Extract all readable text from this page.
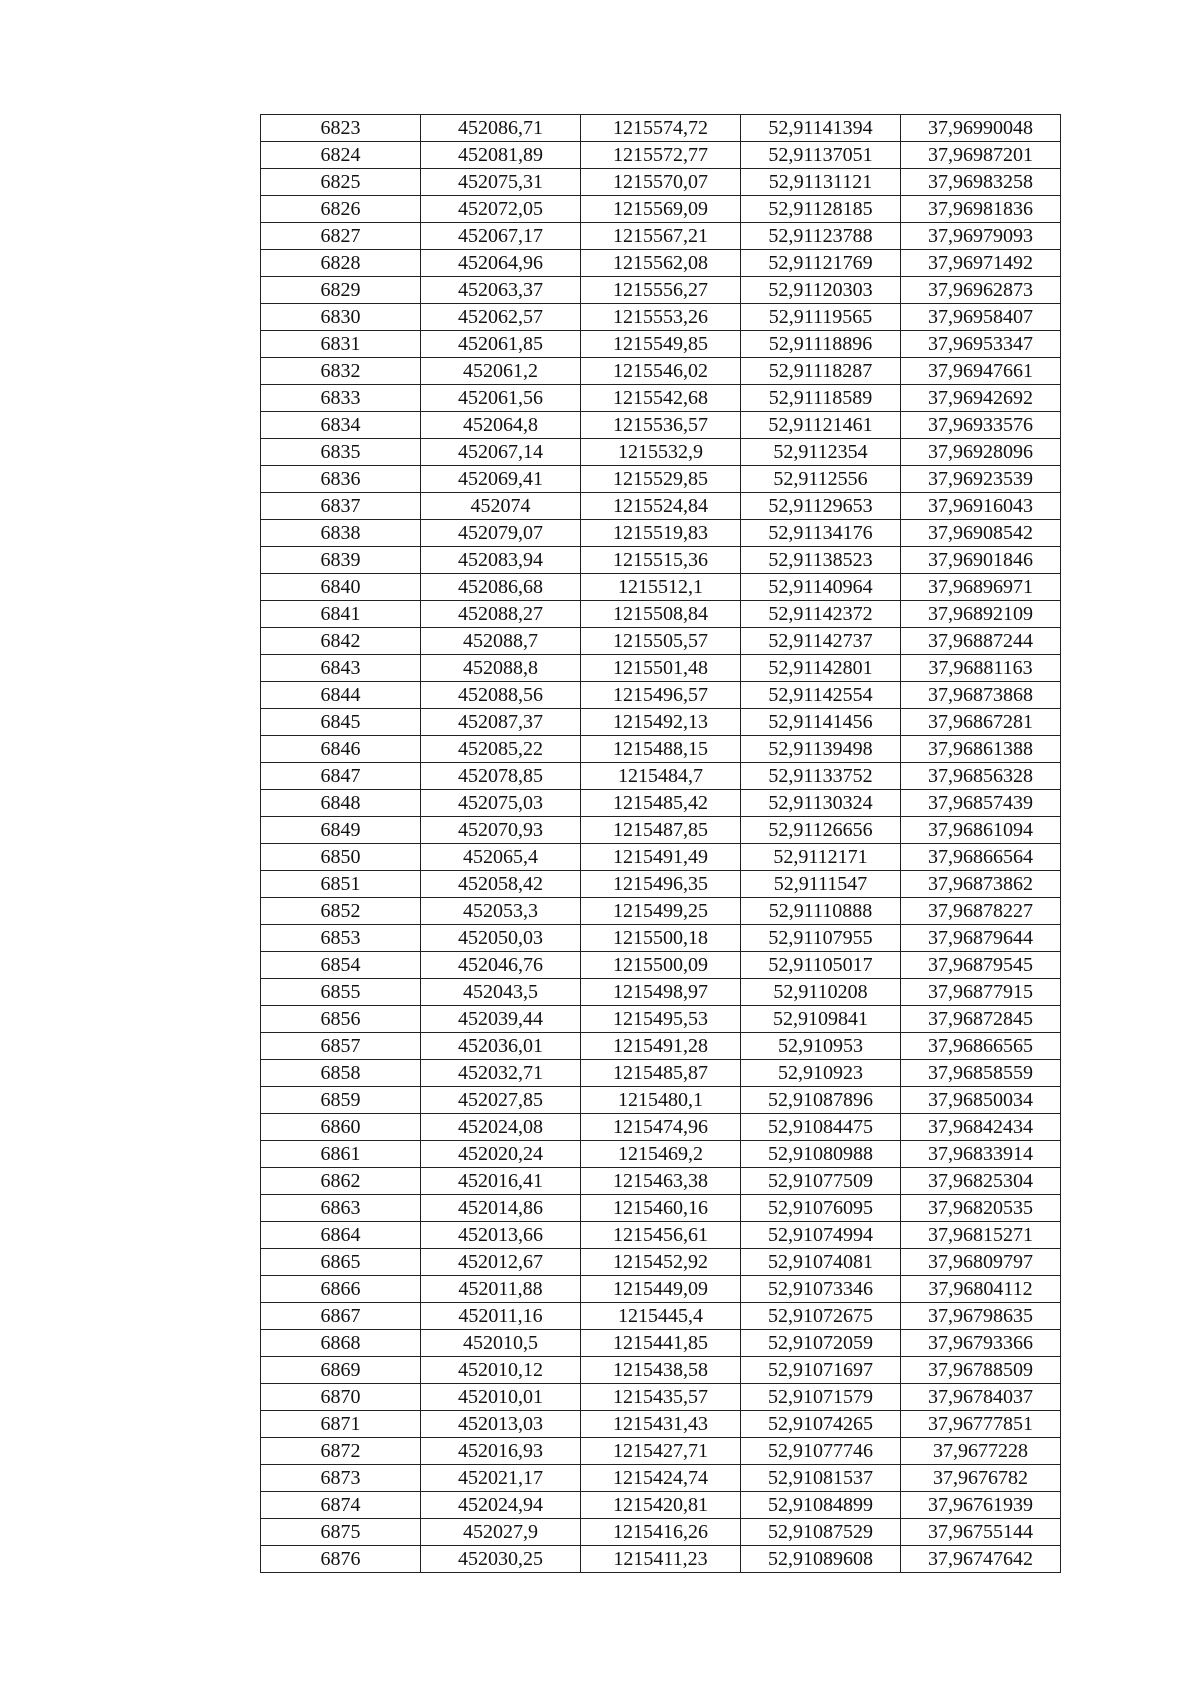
6823	452086,71	1215574,72	52,91141394	37,96990048
6824	452081,89	1215572,77	52,91137051	37,96987201
6825	452075,31	1215570,07	52,91131121	37,96983258
6826	452072,05	1215569,09	52,91128185	37,96981836
6827	452067,17	1215567,21	52,91123788	37,96979093
6828	452064,96	1215562,08	52,91121769	37,96971492
6829	452063,37	1215556,27	52,91120303	37,96962873
6830	452062,57	1215553,26	52,91119565	37,96958407
6831	452061,85	1215549,85	52,91118896	37,96953347
6832	452061,2	1215546,02	52,91118287	37,96947661
6833	452061,56	1215542,68	52,91118589	37,96942692
6834	452064,8	1215536,57	52,91121461	37,96933576
6835	452067,14	1215532,9	52,9112354	37,96928096
6836	452069,41	1215529,85	52,9112556	37,96923539
6837	452074	1215524,84	52,91129653	37,96916043
6838	452079,07	1215519,83	52,91134176	37,96908542
6839	452083,94	1215515,36	52,91138523	37,96901846
6840	452086,68	1215512,1	52,91140964	37,96896971
6841	452088,27	1215508,84	52,91142372	37,96892109
6842	452088,7	1215505,57	52,91142737	37,96887244
6843	452088,8	1215501,48	52,91142801	37,96881163
6844	452088,56	1215496,57	52,91142554	37,96873868
6845	452087,37	1215492,13	52,91141456	37,96867281
6846	452085,22	1215488,15	52,91139498	37,96861388
6847	452078,85	1215484,7	52,91133752	37,96856328
6848	452075,03	1215485,42	52,91130324	37,96857439
6849	452070,93	1215487,85	52,91126656	37,96861094
6850	452065,4	1215491,49	52,9112171	37,96866564
6851	452058,42	1215496,35	52,9111547	37,96873862
6852	452053,3	1215499,25	52,91110888	37,96878227
6853	452050,03	1215500,18	52,91107955	37,96879644
6854	452046,76	1215500,09	52,91105017	37,96879545
6855	452043,5	1215498,97	52,9110208	37,96877915
6856	452039,44	1215495,53	52,9109841	37,96872845
6857	452036,01	1215491,28	52,910953	37,96866565
6858	452032,71	1215485,87	52,910923	37,96858559
6859	452027,85	1215480,1	52,91087896	37,96850034
6860	452024,08	1215474,96	52,91084475	37,96842434
6861	452020,24	1215469,2	52,91080988	37,96833914
6862	452016,41	1215463,38	52,91077509	37,96825304
6863	452014,86	1215460,16	52,91076095	37,96820535
6864	452013,66	1215456,61	52,91074994	37,96815271
6865	452012,67	1215452,92	52,91074081	37,96809797
6866	452011,88	1215449,09	52,91073346	37,96804112
6867	452011,16	1215445,4	52,91072675	37,96798635
6868	452010,5	1215441,85	52,91072059	37,96793366
6869	452010,12	1215438,58	52,91071697	37,96788509
6870	452010,01	1215435,57	52,91071579	37,96784037
6871	452013,03	1215431,43	52,91074265	37,96777851
6872	452016,93	1215427,71	52,91077746	37,9677228
6873	452021,17	1215424,74	52,91081537	37,9676782
6874	452024,94	1215420,81	52,91084899	37,96761939
6875	452027,9	1215416,26	52,91087529	37,96755144
6876	452030,25	1215411,23	52,91089608	37,96747642
